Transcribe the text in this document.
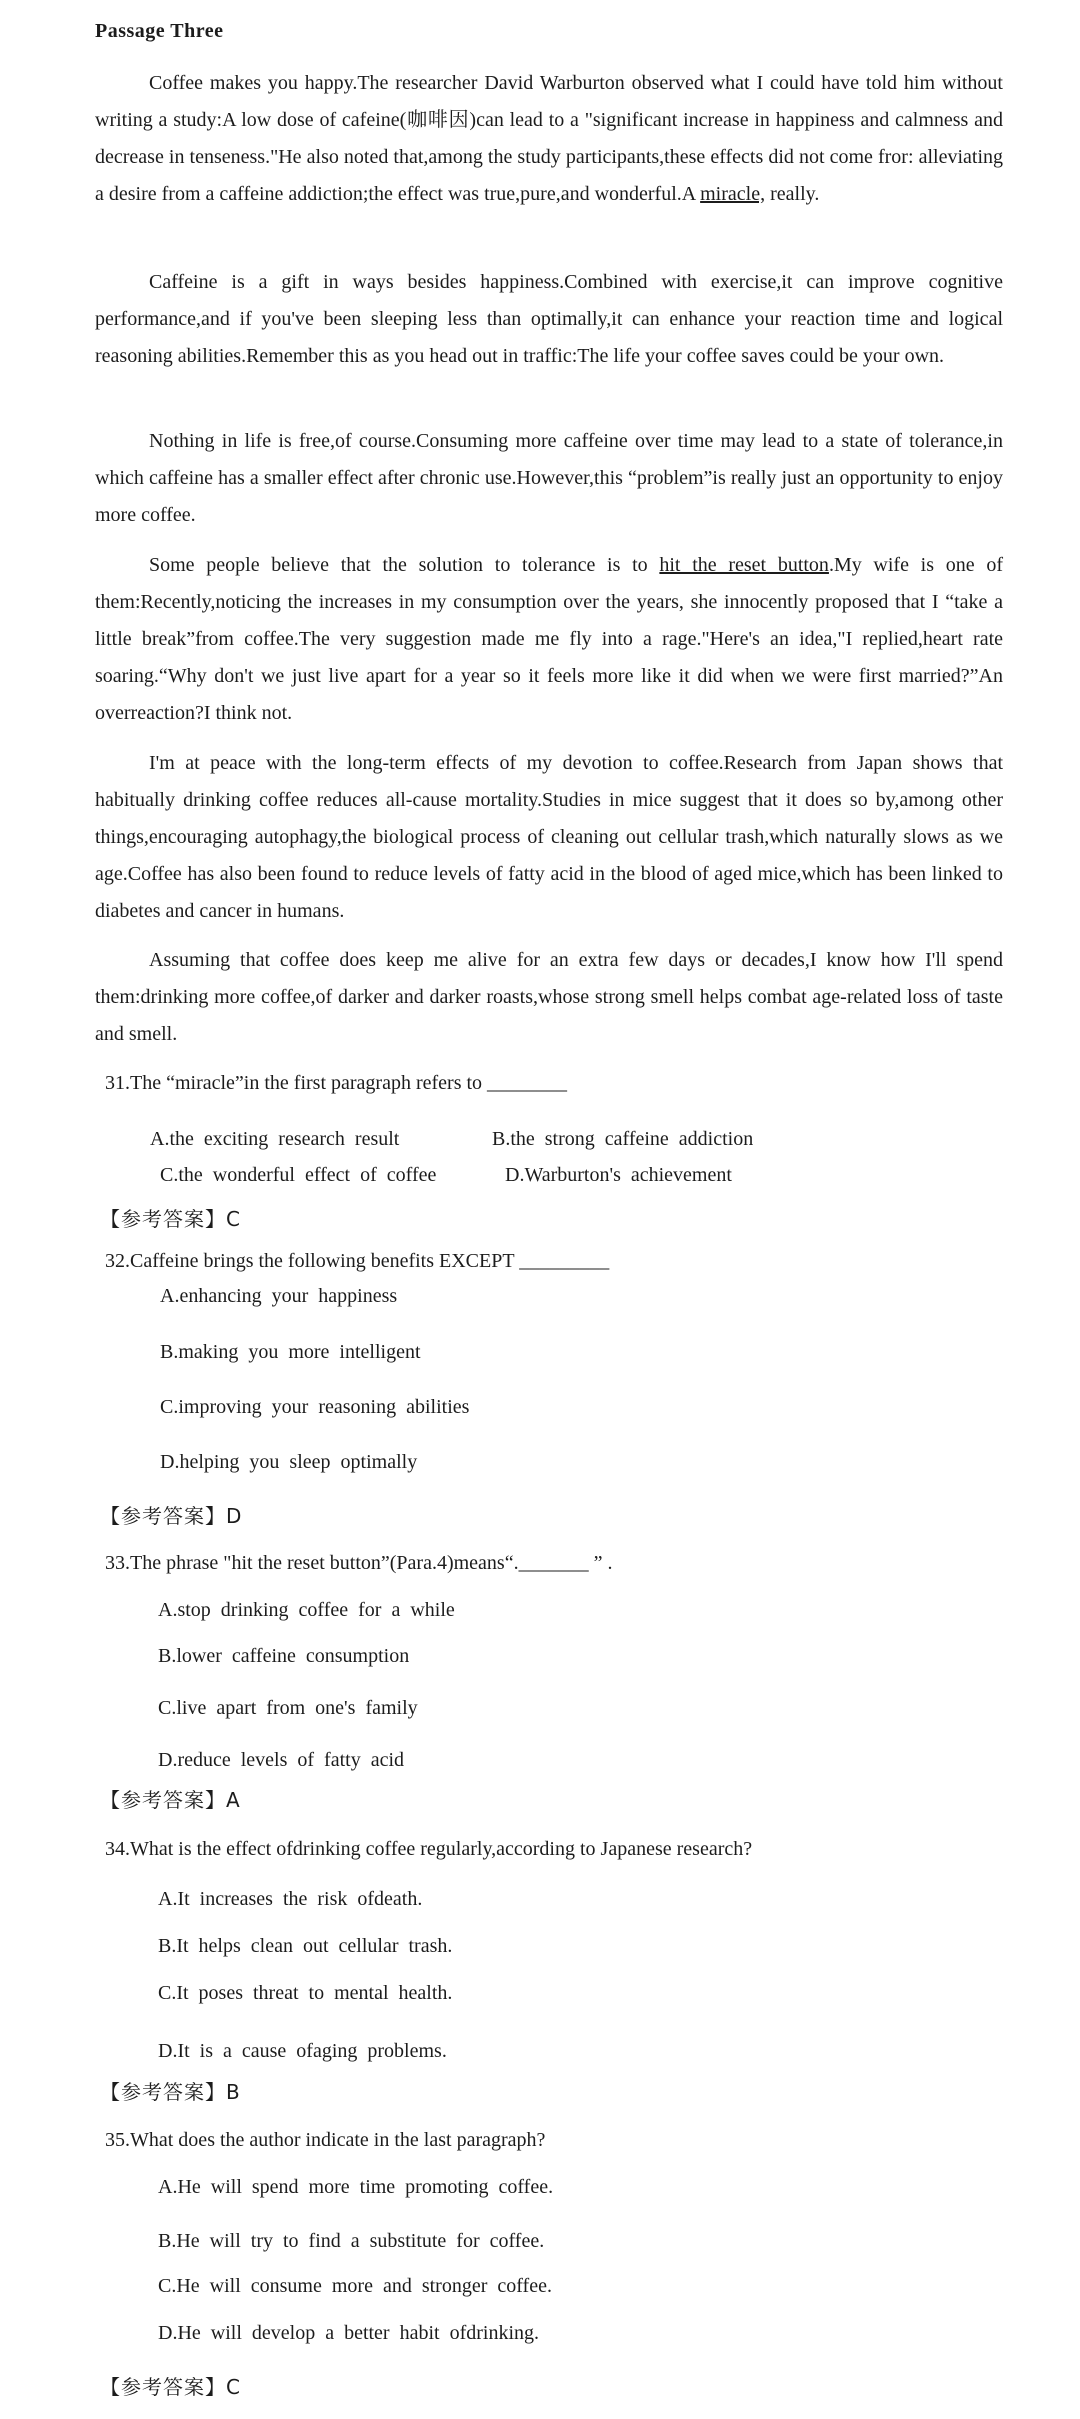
Passage Three

Coffee makes you happy.The researcher David Warburton observed what I could have told him without writing a study:A low dose of cafeine(咖啡因)can lead to a "significant increase in happiness and calmness and decrease in tenseness."He also noted that,among the study participants,these effects did not come fror: alleviating a desire from a caffeine addiction;the effect was true,pure,and wonderful.A miracle, really.

Caffeine is a gift in ways besides happiness.Combined with exercise,it can improve cognitive performance,and if you've been sleeping less than optimally,it can enhance your reaction time and logical reasoning abilities.Remember this as you head out in traffic:The life your coffee saves could be your own.

Nothing in life is free,of course.Consuming more caffeine over time may lead to a state of tolerance,in which caffeine has a smaller effect after chronic use.However,this “problem”is really just an opportunity to enjoy more coffee.

Some people believe that the solution to tolerance is to hit the reset button.My wife is one of them:Recently,noticing the increases in my consumption over the years, she innocently proposed that I “take a little break”from coffee.The very suggestion made me fly into a rage."Here's an idea,"I replied,heart rate soaring.“Why don't we just live apart for a year so it feels more like it did when we were first married?”An overreaction?I think not.

I'm at peace with the long-term effects of my devotion to coffee.Research from Japan shows that habitually drinking coffee reduces all-cause mortality.Studies in mice suggest that it does so by,among other things,encouraging autophagy,the biological process of cleaning out cellular trash,which naturally slows as we age.Coffee has also been found to reduce levels of fatty acid in the blood of aged mice,which has been linked to diabetes and cancer in humans.

Assuming that coffee does keep me alive for an extra few days or decades,I know how I'll spend them:drinking more coffee,of darker and darker roasts,whose strong smell helps combat age-related loss of taste and smell.

31.The “miracle”in the first paragraph refers to ________
A.the exciting research result	B.the strong caffeine addiction
C.the wonderful effect of coffee	D.Warburton's achievement
【参考答案】C
32.Caffeine brings the following benefits EXCEPT _________
A.enhancing your happiness
B.making you more intelligent
C.improving your reasoning abilities
D.helping you sleep optimally
【参考答案】D
33.The phrase "hit the reset button”(Para.4)means“._______ ” .
A.stop drinking coffee for a while
B.lower caffeine consumption
C.live apart from one's family
D.reduce levels of fatty acid
【参考答案】A
34.What is the effect ofdrinking coffee regularly,according to Japanese research?
A.It increases the risk ofdeath.
B.It helps clean out cellular trash.
C.It poses threat to mental health.
D.It is a cause ofaging problems.
【参考答案】B
35.What does the author indicate in the last paragraph?
A.He will spend more time promoting coffee.
B.He will try to find a substitute for coffee.
C.He will consume more and stronger coffee.
D.He will develop a better habit ofdrinking.
【参考答案】C
